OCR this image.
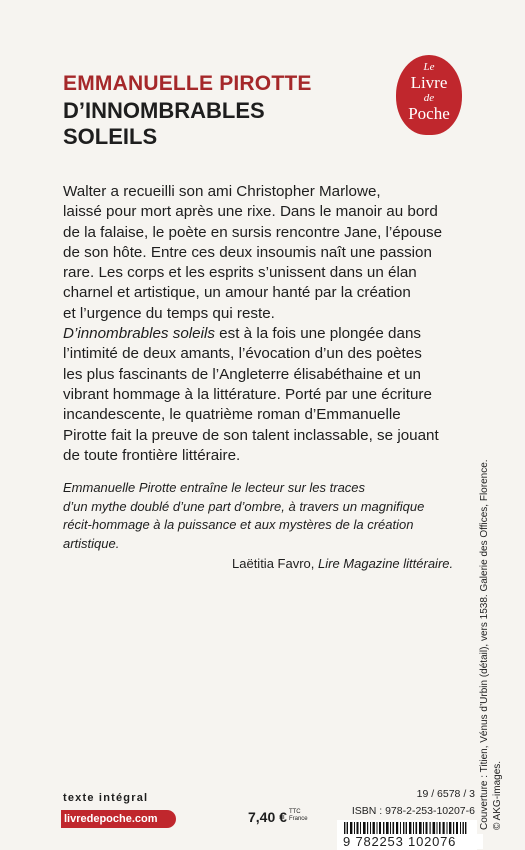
EMMANUELLE PIROTTE
D’INNOMBRABLES
SOLEILS
Le
Livre
de
Poche
Walter a recueilli son ami Christopher Marlowe,
laissé pour mort après une rixe. Dans le manoir au bord
de la falaise, le poète en sursis rencontre Jane, l’épouse
de son hôte. Entre ces deux insoumis naît une passion
rare. Les corps et les esprits s’unissent dans un élan
charnel et artistique, un amour hanté par la création
et l’urgence du temps qui reste.
D’innombrables soleils est à la fois une plongée dans
l’intimité de deux amants, l’évocation d’un des poètes
les plus fascinants de l’Angleterre élisabéthaine et un
vibrant hommage à la littérature. Porté par une écriture
incandescente, le quatrième roman d’Emmanuelle
Pirotte fait la preuve de son talent inclassable, se jouant
de toute frontière littéraire.
Emmanuelle Pirotte entraîne le lecteur sur les traces
d’un mythe doublé d’une part d’ombre, à travers un magnifique
récit-hommage à la puissance et aux mystères de la création
artistique.
Laëtitia Favro, Lire Magazine littéraire.	Couverture : Titien, Vénus d’Urbin (détail), vers 1538. Galerie des Offices, Florence. © AKG-images.
texte intégral
livredepoche.com	7,40 € TTC
France
19 / 6578 / 3
ISBN : 978-2-253-10207-6
9 782253 102076
